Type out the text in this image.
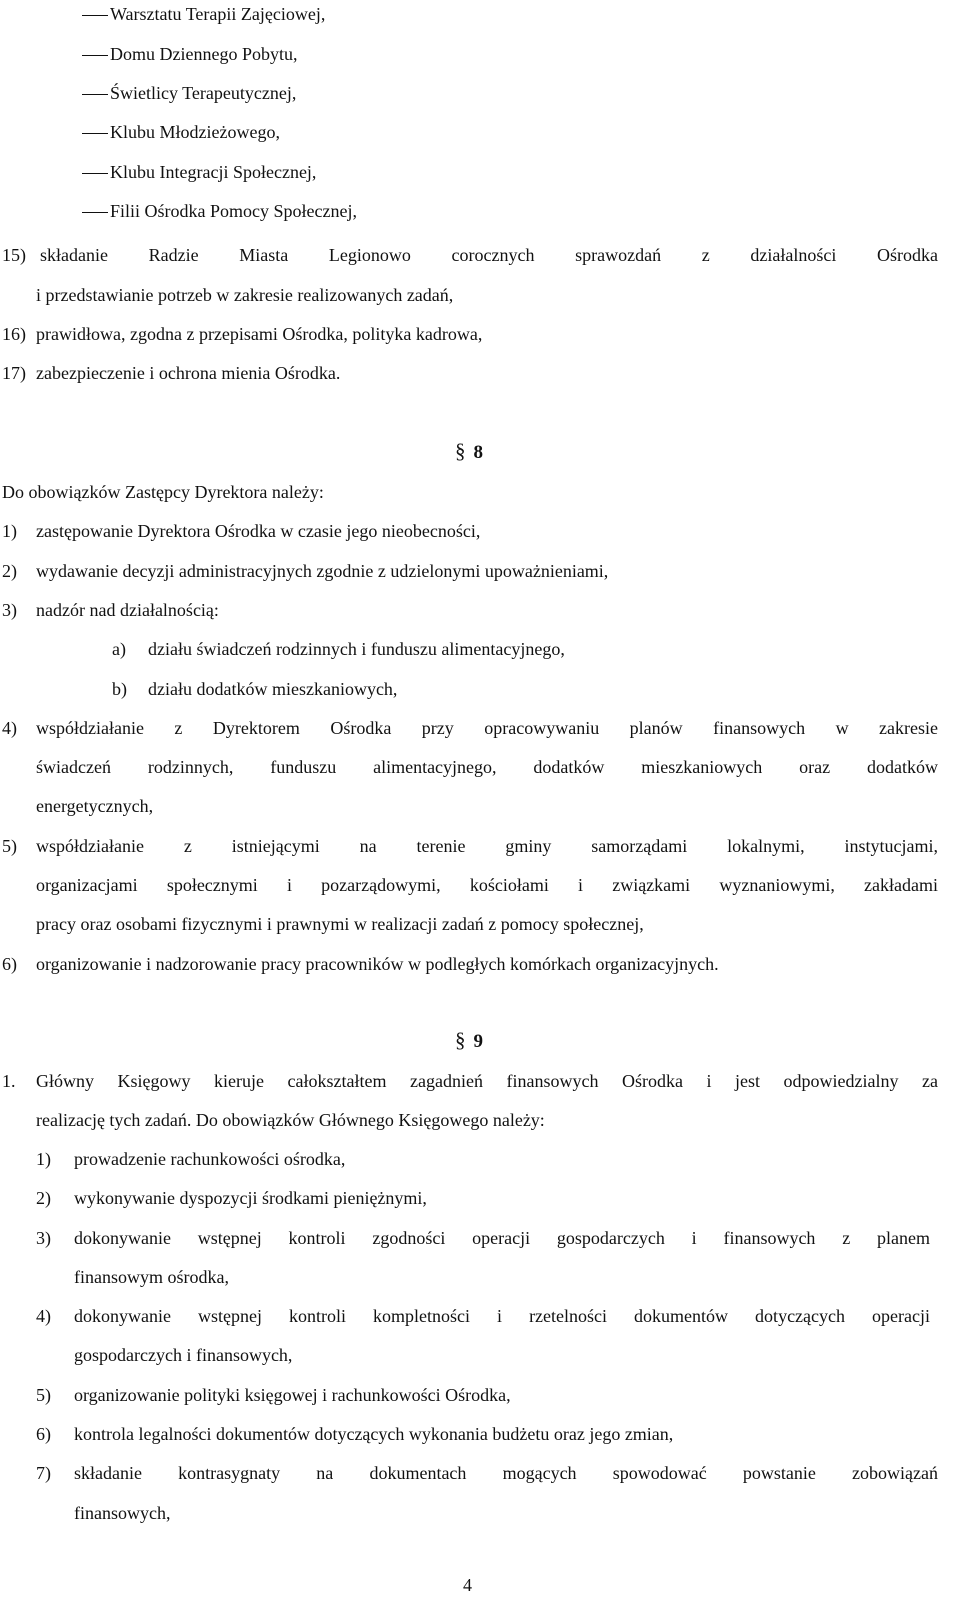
Warsztatu Terapii Zajęciowej,
Domu Dziennego Pobytu,
Świetlicy Terapeutycznej,
Klubu Młodzieżowego,
Klubu Integracji Społecznej,
Filii Ośrodka Pomocy Społecznej,
15) składanie Radzie Miasta Legionowo corocznych sprawozdań z działalności Ośrodka
i przedstawianie potrzeb w zakresie realizowanych zadań,
16) prawidłowa, zgodna z przepisami Ośrodka, polityka kadrowa,
17) zabezpieczenie i ochrona mienia Ośrodka.
§ 8
Do obowiązków Zastępcy Dyrektora należy:
1) zastępowanie Dyrektora Ośrodka w czasie jego nieobecności,
2) wydawanie decyzji administracyjnych zgodnie z udzielonymi upoważnieniami,
3) nadzór nad działalnością:
a) działu świadczeń rodzinnych i funduszu alimentacyjnego,
b) działu dodatków mieszkaniowych,
4) współdziałanie z Dyrektorem Ośrodka przy opracowywaniu planów finansowych w zakresie
świadczeń rodzinnych, funduszu alimentacyjnego, dodatków mieszkaniowych oraz dodatków
energetycznych,
5) współdziałanie z istniejącymi na terenie gminy samorządami lokalnymi, instytucjami,
organizacjami społecznymi i pozarządowymi, kościołami i związkami wyznaniowymi, zakładami
pracy oraz osobami fizycznymi i prawnymi w realizacji zadań z pomocy społecznej,
6) organizowanie i nadzorowanie pracy pracowników w podległych komórkach organizacyjnych.
§ 9
1. Główny Księgowy kieruje całokształtem zagadnień finansowych Ośrodka i jest odpowiedzialny za
realizację tych zadań. Do obowiązków Głównego Księgowego należy:
1) prowadzenie rachunkowości ośrodka,
2) wykonywanie dyspozycji środkami pieniężnymi,
3) dokonywanie wstępnej kontroli zgodności operacji gospodarczych i finansowych z planem
finansowym ośrodka,
4) dokonywanie wstępnej kontroli kompletności i rzetelności dokumentów dotyczących operacji
gospodarczych i finansowych,
5) organizowanie polityki księgowej i rachunkowości Ośrodka,
6) kontrola legalności dokumentów dotyczących wykonania budżetu oraz jego zmian,
7) składanie kontrasygnaty na dokumentach mogących spowodować powstanie zobowiązań
finansowych,
4
